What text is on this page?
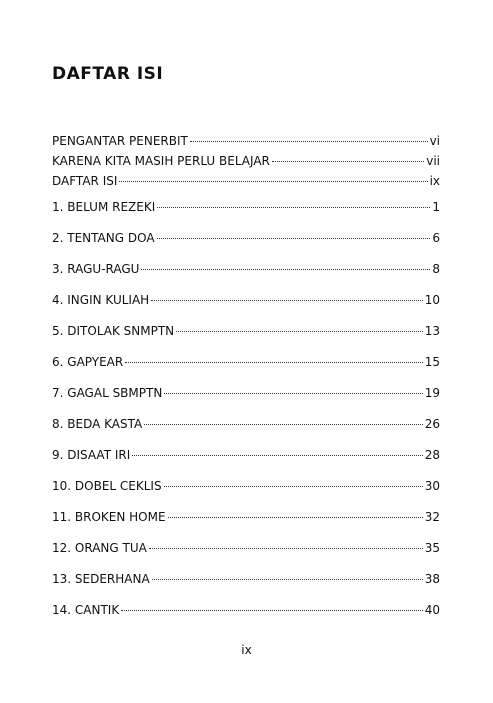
DAFTAR ISI
PENGANTAR PENERBIT	vi
KARENA KITA MASIH PERLU BELAJAR	vii
DAFTAR ISI	ix
1. BELUM REZEKI	1
2. TENTANG DOA	6
3. RAGU-RAGU	8
4. INGIN KULIAH	10
5. DITOLAK SNMPTN	13
6. GAPYEAR	15
7. GAGAL SBMPTN	19
8. BEDA KASTA	26
9. DISAAT IRI	28
10. DOBEL CEKLIS	30
11. BROKEN HOME	32
12. ORANG TUA	35
13. SEDERHANA	38
14. CANTIK	40
ix
